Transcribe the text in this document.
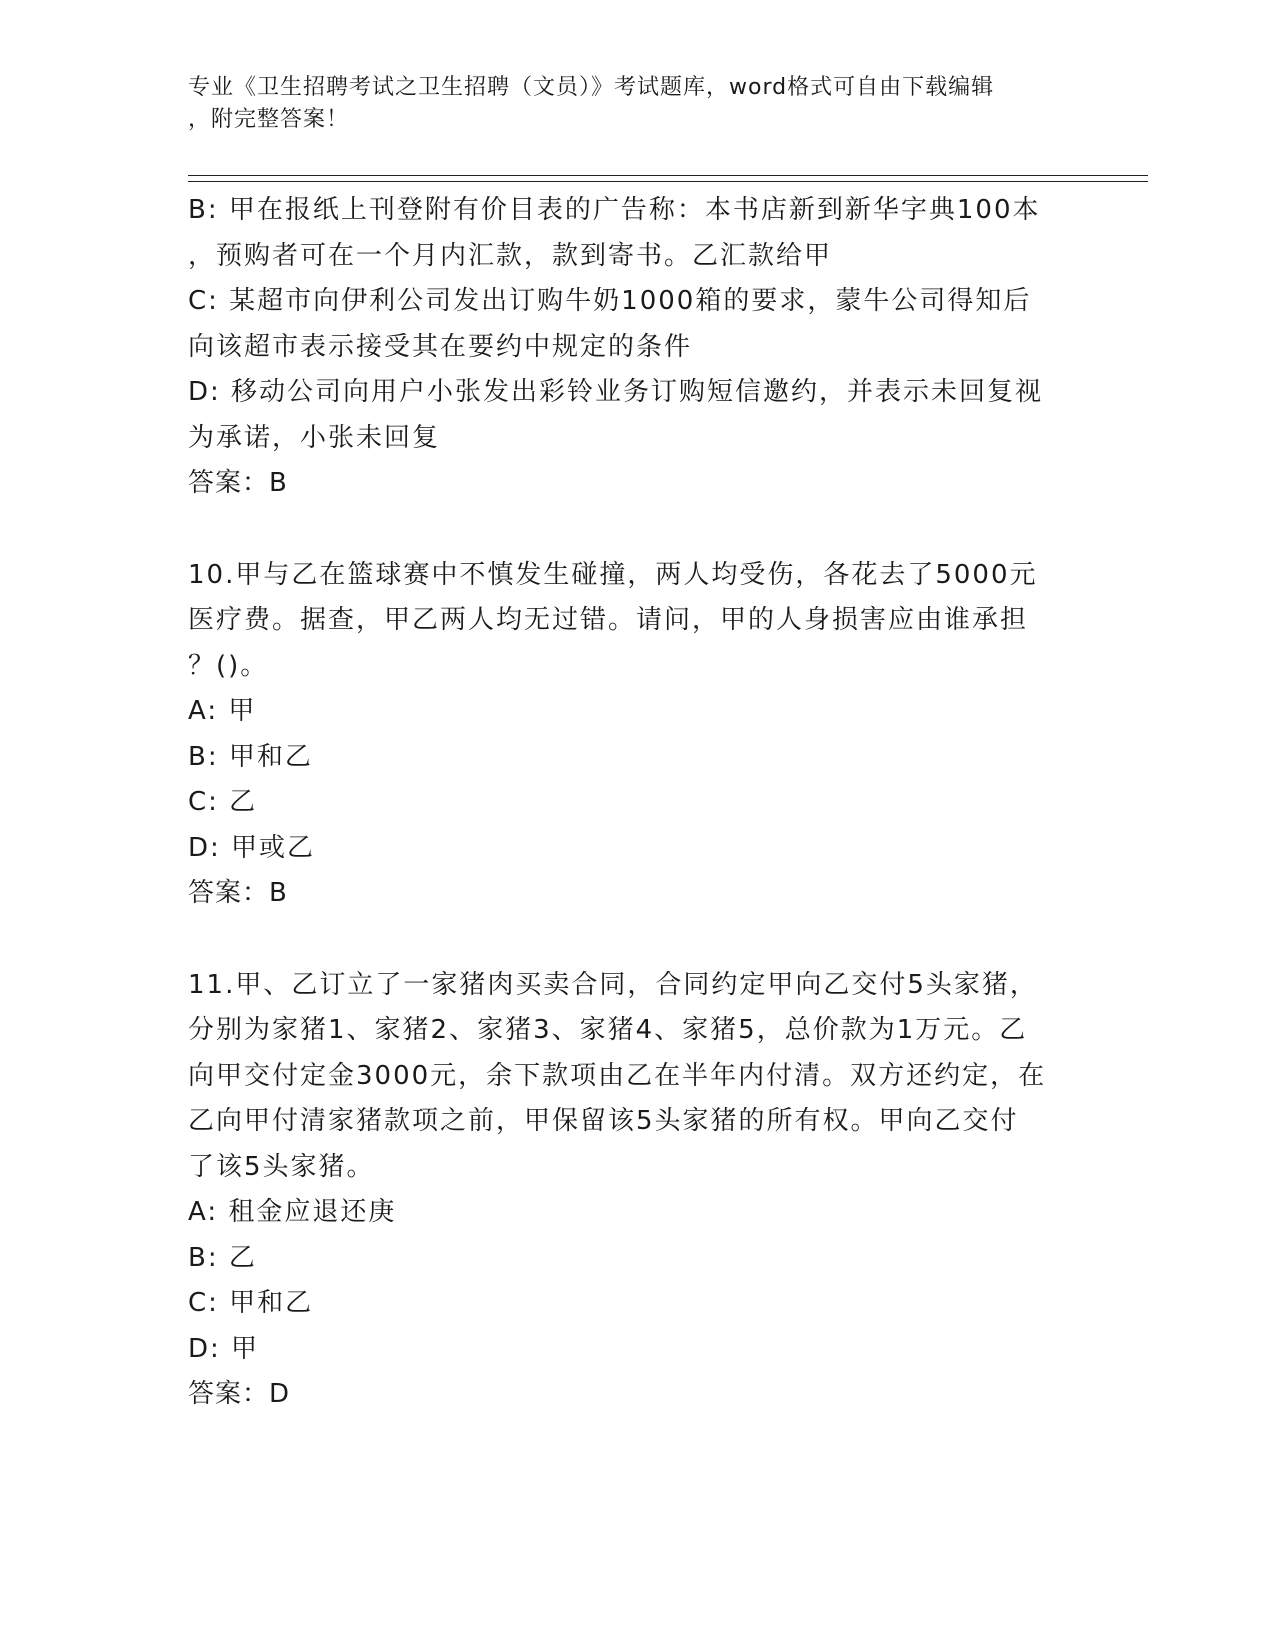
专业《卫生招聘考试之卫生招聘（文员）》考试题库，word格式可自由下载编辑
，附完整答案！
B: 甲在报纸上刊登附有价目表的广告称：本书店新到新华字典100本
，预购者可在一个月内汇款，款到寄书。乙汇款给甲
C: 某超市向伊利公司发出订购牛奶1000箱的要求，蒙牛公司得知后
向该超市表示接受其在要约中规定的条件
D: 移动公司向用户小张发出彩铃业务订购短信邀约，并表示未回复视
为承诺，小张未回复
答案：B
10.甲与乙在篮球赛中不慎发生碰撞，两人均受伤，各花去了5000元
医疗费。据查，甲乙两人均无过错。请问，甲的人身损害应由谁承担
？()。
A: 甲
B: 甲和乙
C: 乙
D: 甲或乙
答案：B
11.甲、乙订立了一家猪肉买卖合同，合同约定甲向乙交付5头家猪，
分别为家猪1、家猪2、家猪3、家猪4、家猪5，总价款为1万元。乙
向甲交付定金3000元，余下款项由乙在半年内付清。双方还约定，在
乙向甲付清家猪款项之前，甲保留该5头家猪的所有权。甲向乙交付
了该5头家猪。
A: 租金应退还庚
B: 乙
C: 甲和乙
D: 甲
答案：D
